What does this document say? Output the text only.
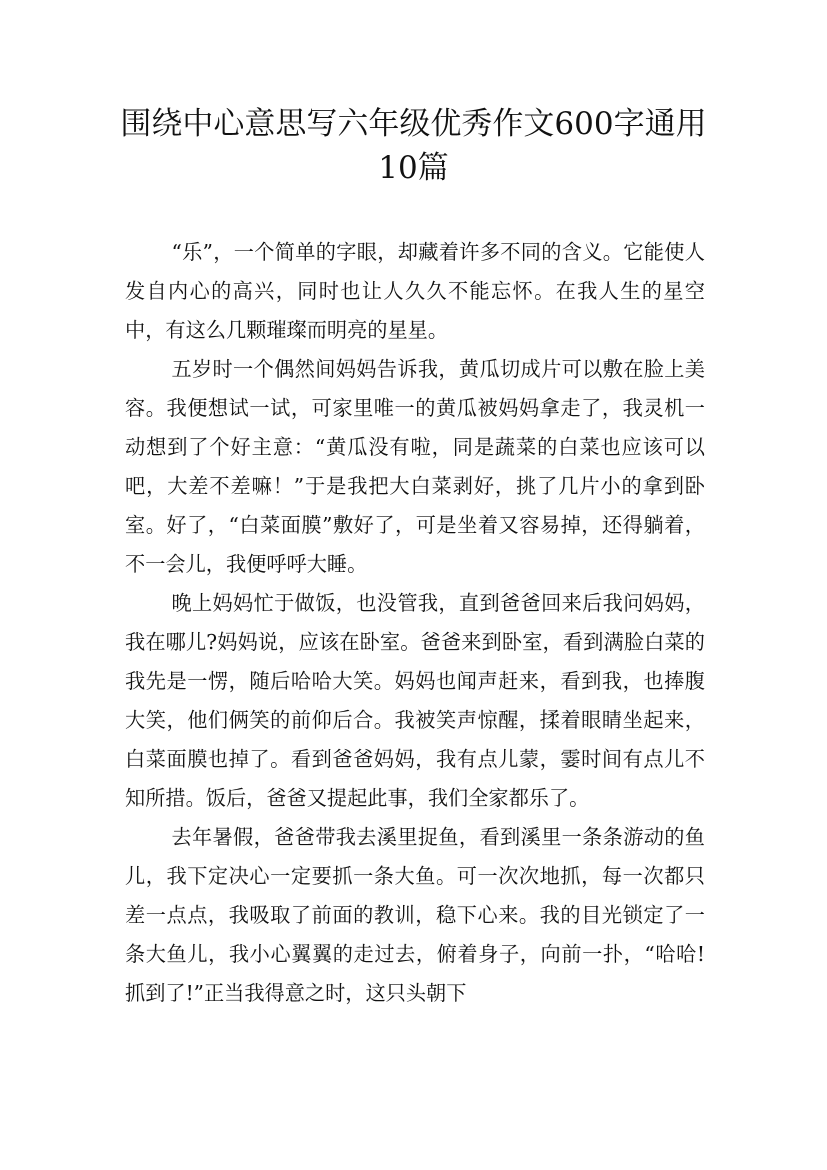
围绕中心意思写六年级优秀作文600字通用
10篇

“乐”，一个简单的字眼，却藏着许多不同的含义。它能使人发自内心的高兴，同时也让人久久不能忘怀。在我人生的星空中，有这么几颗璀璨而明亮的星星。

五岁时一个偶然间妈妈告诉我，黄瓜切成片可以敷在脸上美容。我便想试一试，可家里唯一的黄瓜被妈妈拿走了，我灵机一动想到了个好主意：“黄瓜没有啦，同是蔬菜的白菜也应该可以吧，大差不差嘛！”于是我把大白菜剥好，挑了几片小的拿到卧室。好了，“白菜面膜”敷好了，可是坐着又容易掉，还得躺着，不一会儿，我便呼呼大睡。

晚上妈妈忙于做饭，也没管我，直到爸爸回来后我问妈妈，我在哪儿?妈妈说，应该在卧室。爸爸来到卧室，看到满脸白菜的我先是一愣，随后哈哈大笑。妈妈也闻声赶来，看到我，也捧腹大笑，他们俩笑的前仰后合。我被笑声惊醒，揉着眼睛坐起来，白菜面膜也掉了。看到爸爸妈妈，我有点儿蒙，霎时间有点儿不知所措。饭后，爸爸又提起此事，我们全家都乐了。

去年暑假，爸爸带我去溪里捉鱼，看到溪里一条条游动的鱼儿，我下定决心一定要抓一条大鱼。可一次次地抓，每一次都只差一点点，我吸取了前面的教训，稳下心来。我的目光锁定了一条大鱼儿，我小心翼翼的走过去，俯着身子，向前一扑，“哈哈!抓到了!”正当我得意之时，这只头朝下
